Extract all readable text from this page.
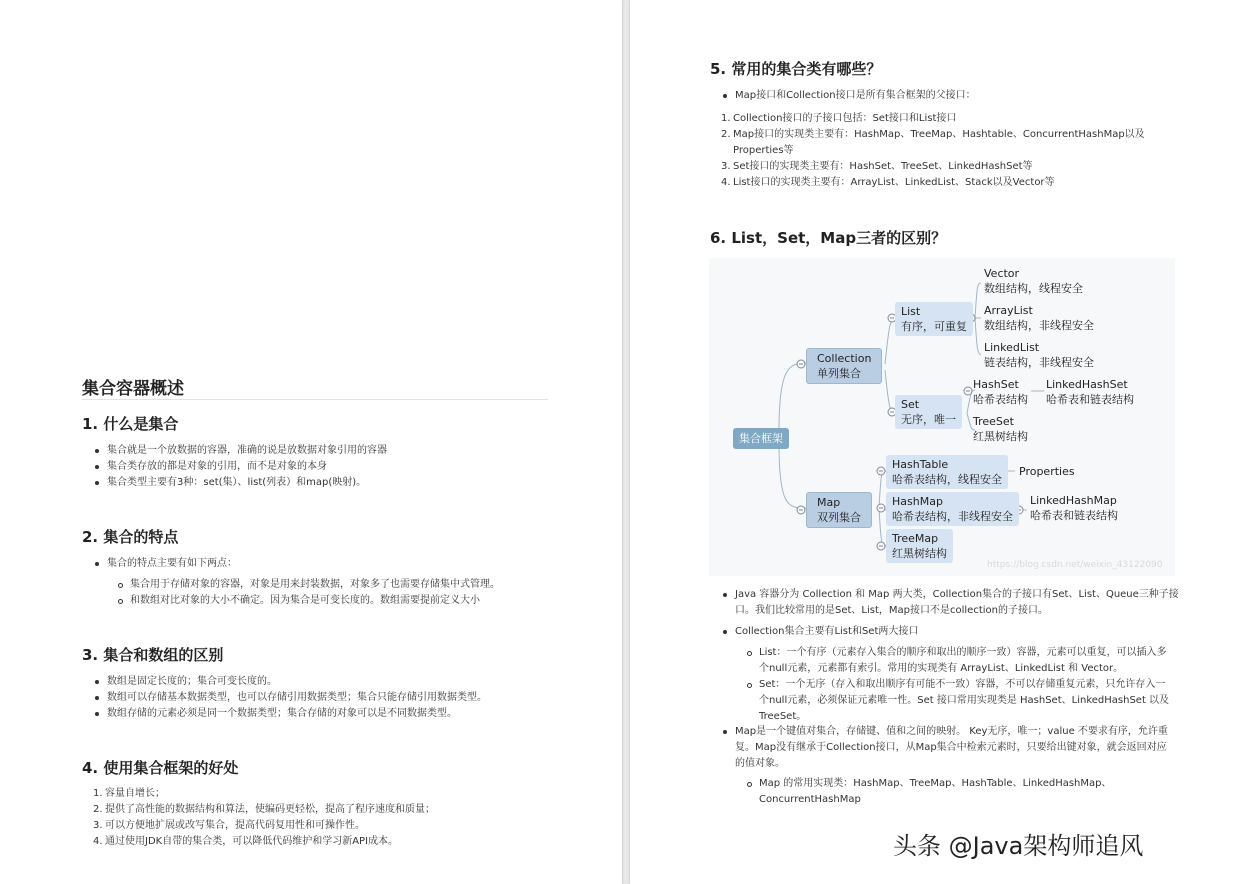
集合容器概述
1. 什么是集合
集合就是一个放数据的容器，准确的说是放数据对象引用的容器
集合类存放的都是对象的引用，而不是对象的本身
集合类型主要有3种：set(集）、list(列表）和map(映射)。
2. 集合的特点
集合的特点主要有如下两点：
集合用于存储对象的容器，对象是用来封装数据，对象多了也需要存储集中式管理。
和数组对比对象的大小不确定。因为集合是可变长度的。数组需要提前定义大小
3. 集合和数组的区别
数组是固定长度的；集合可变长度的。
数组可以存储基本数据类型，也可以存储引用数据类型；集合只能存储引用数据类型。
数组存储的元素必须是同一个数据类型；集合存储的对象可以是不同数据类型。
4. 使用集合框架的好处
1. 容量自增长；
2. 提供了高性能的数据结构和算法，使编码更轻松，提高了程序速度和质量；
3. 可以方便地扩展或改写集合，提高代码复用性和可操作性。
4. 通过使用JDK自带的集合类，可以降低代码维护和学习新API成本。
5. 常用的集合类有哪些？
Map接口和Collection接口是所有集合框架的父接口：
1. Collection接口的子接口包括：Set接口和List接口
2. Map接口的实现类主要有：HashMap、TreeMap、Hashtable、ConcurrentHashMap以及
Properties等
3. Set接口的实现类主要有：HashSet、TreeSet、LinkedHashSet等
4. List接口的实现类主要有：ArrayList、LinkedList、Stack以及Vector等
6. List，Set，Map三者的区别？
Java 容器分为 Collection 和 Map 两大类，Collection集合的子接口有Set、List、Queue三种子接
口。我们比较常用的是Set、List，Map接口不是collection的子接口。
Collection集合主要有List和Set两大接口
List：一个有序（元素存入集合的顺序和取出的顺序一致）容器，元素可以重复，可以插入多
个null元素，元素都有索引。常用的实现类有 ArrayList、LinkedList 和 Vector。
Set：一个无序（存入和取出顺序有可能不一致）容器，不可以存储重复元素，只允许存入一
个null元素，必须保证元素唯一性。Set 接口常用实现类是 HashSet、LinkedHashSet 以及
TreeSet。
Map是一个键值对集合，存储键、值和之间的映射。 Key无序，唯一；value 不要求有序，允许重
复。Map没有继承于Collection接口，从Map集合中检索元素时，只要给出键对象，就会返回对应
的值对象。
Map 的常用实现类：HashMap、TreeMap、HashTable、LinkedHashMap、
ConcurrentHashMap
集合框架
Collection
单列集合
Map
双列集合
List
有序，可重复
Set
无序，唯一
Vector
数组结构，线程安全
ArrayList
数组结构，非线程安全
LinkedList
链表结构，非线程安全
HashSet
哈希表结构
LinkedHashSet
哈希表和链表结构
TreeSet
红黑树结构
HashTable
哈希表结构，线程安全
Properties
HashMap
哈希表结构，非线程安全
LinkedHashMap
哈希表和链表结构
TreeMap
红黑树结构
https://blog.csdn.net/weixin_43122090
头条 @Java架构师追风
